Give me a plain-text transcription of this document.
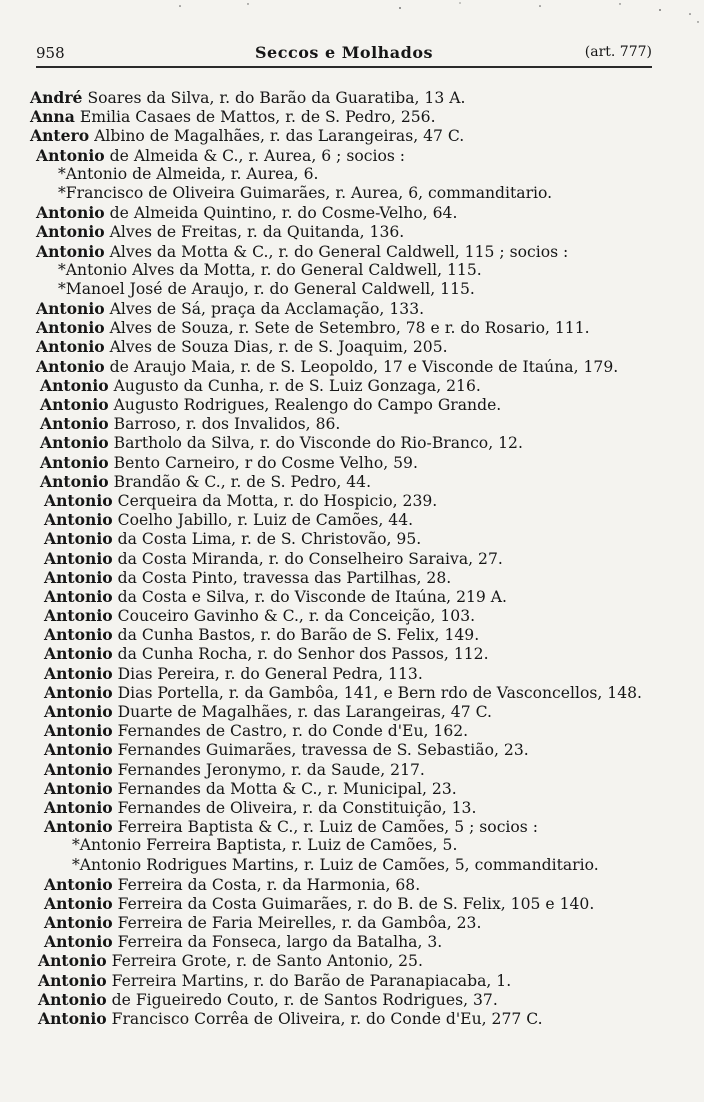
958	Seccos e Molhados	(art. 777)
André Soares da Silva, r. do Barão da Guaratiba, 13 A.
Anna Emilia Casaes de Mattos, r. de S. Pedro, 256.
Antero Albino de Magalhães, r. das Larangeiras, 47 C.
Antonio de Almeida & C., r. Aurea, 6 ; socios :
*Antonio de Almeida, r. Aurea, 6.
*Francisco de Oliveira Guimarães, r. Aurea, 6, commanditario.
Antonio de Almeida Quintino, r. do Cosme-Velho, 64.
Antonio Alves de Freitas, r. da Quitanda, 136.
Antonio Alves da Motta & C., r. do General Caldwell, 115 ; socios :
*Antonio Alves da Motta, r. do General Caldwell, 115.
*Manoel José de Araujo, r. do General Caldwell, 115.
Antonio Alves de Sá, praça da Acclamação, 133.
Antonio Alves de Souza, r. Sete de Setembro, 78 e r. do Rosario, 111.
Antonio Alves de Souza Dias, r. de S. Joaquim, 205.
Antonio de Araujo Maia, r. de S. Leopoldo, 17 e Visconde de Itaúna, 179.
Antonio Augusto da Cunha, r. de S. Luiz Gonzaga, 216.
Antonio Augusto Rodrigues, Realengo do Campo Grande.
Antonio Barroso, r. dos Invalidos, 86.
Antonio Bartholo da Silva, r. do Visconde do Rio-Branco, 12.
Antonio Bento Carneiro, r do Cosme Velho, 59.
Antonio Brandão & C., r. de S. Pedro, 44.
Antonio Cerqueira da Motta, r. do Hospicio, 239.
Antonio Coelho Jabillo, r. Luiz de Camões, 44.
Antonio da Costa Lima, r. de S. Christovão, 95.
Antonio da Costa Miranda, r. do Conselheiro Saraiva, 27.
Antonio da Costa Pinto, travessa das Partilhas, 28.
Antonio da Costa e Silva, r. do Visconde de Itaúna, 219 A.
Antonio Couceiro Gavinho & C., r. da Conceição, 103.
Antonio da Cunha Bastos, r. do Barão de S. Felix, 149.
Antonio da Cunha Rocha, r. do Senhor dos Passos, 112.
Antonio Dias Pereira, r. do General Pedra, 113.
Antonio Dias Portella, r. da Gambôa, 141, e Bern rdo de Vasconcellos, 148.
Antonio Duarte de Magalhães, r. das Larangeiras, 47 C.
Antonio Fernandes de Castro, r. do Conde d'Eu, 162.
Antonio Fernandes Guimarães, travessa de S. Sebastião, 23.
Antonio Fernandes Jeronymo, r. da Saude, 217.
Antonio Fernandes da Motta & C., r. Municipal, 23.
Antonio Fernandes de Oliveira, r. da Constituição, 13.
Antonio Ferreira Baptista & C., r. Luiz de Camões, 5 ; socios :
*Antonio Ferreira Baptista, r. Luiz de Camões, 5.
*Antonio Rodrigues Martins, r. Luiz de Camões, 5, commanditario.
Antonio Ferreira da Costa, r. da Harmonia, 68.
Antonio Ferreira da Costa Guimarães, r. do B. de S. Felix, 105 e 140.
Antonio Ferreira de Faria Meirelles, r. da Gambôa, 23.
Antonio Ferreira da Fonseca, largo da Batalha, 3.
Antonio Ferreira Grote, r. de Santo Antonio, 25.
Antonio Ferreira Martins, r. do Barão de Paranapiacaba, 1.
Antonio de Figueiredo Couto, r. de Santos Rodrigues, 37.
Antonio Francisco Corrêa de Oliveira, r. do Conde d'Eu, 277 C.
